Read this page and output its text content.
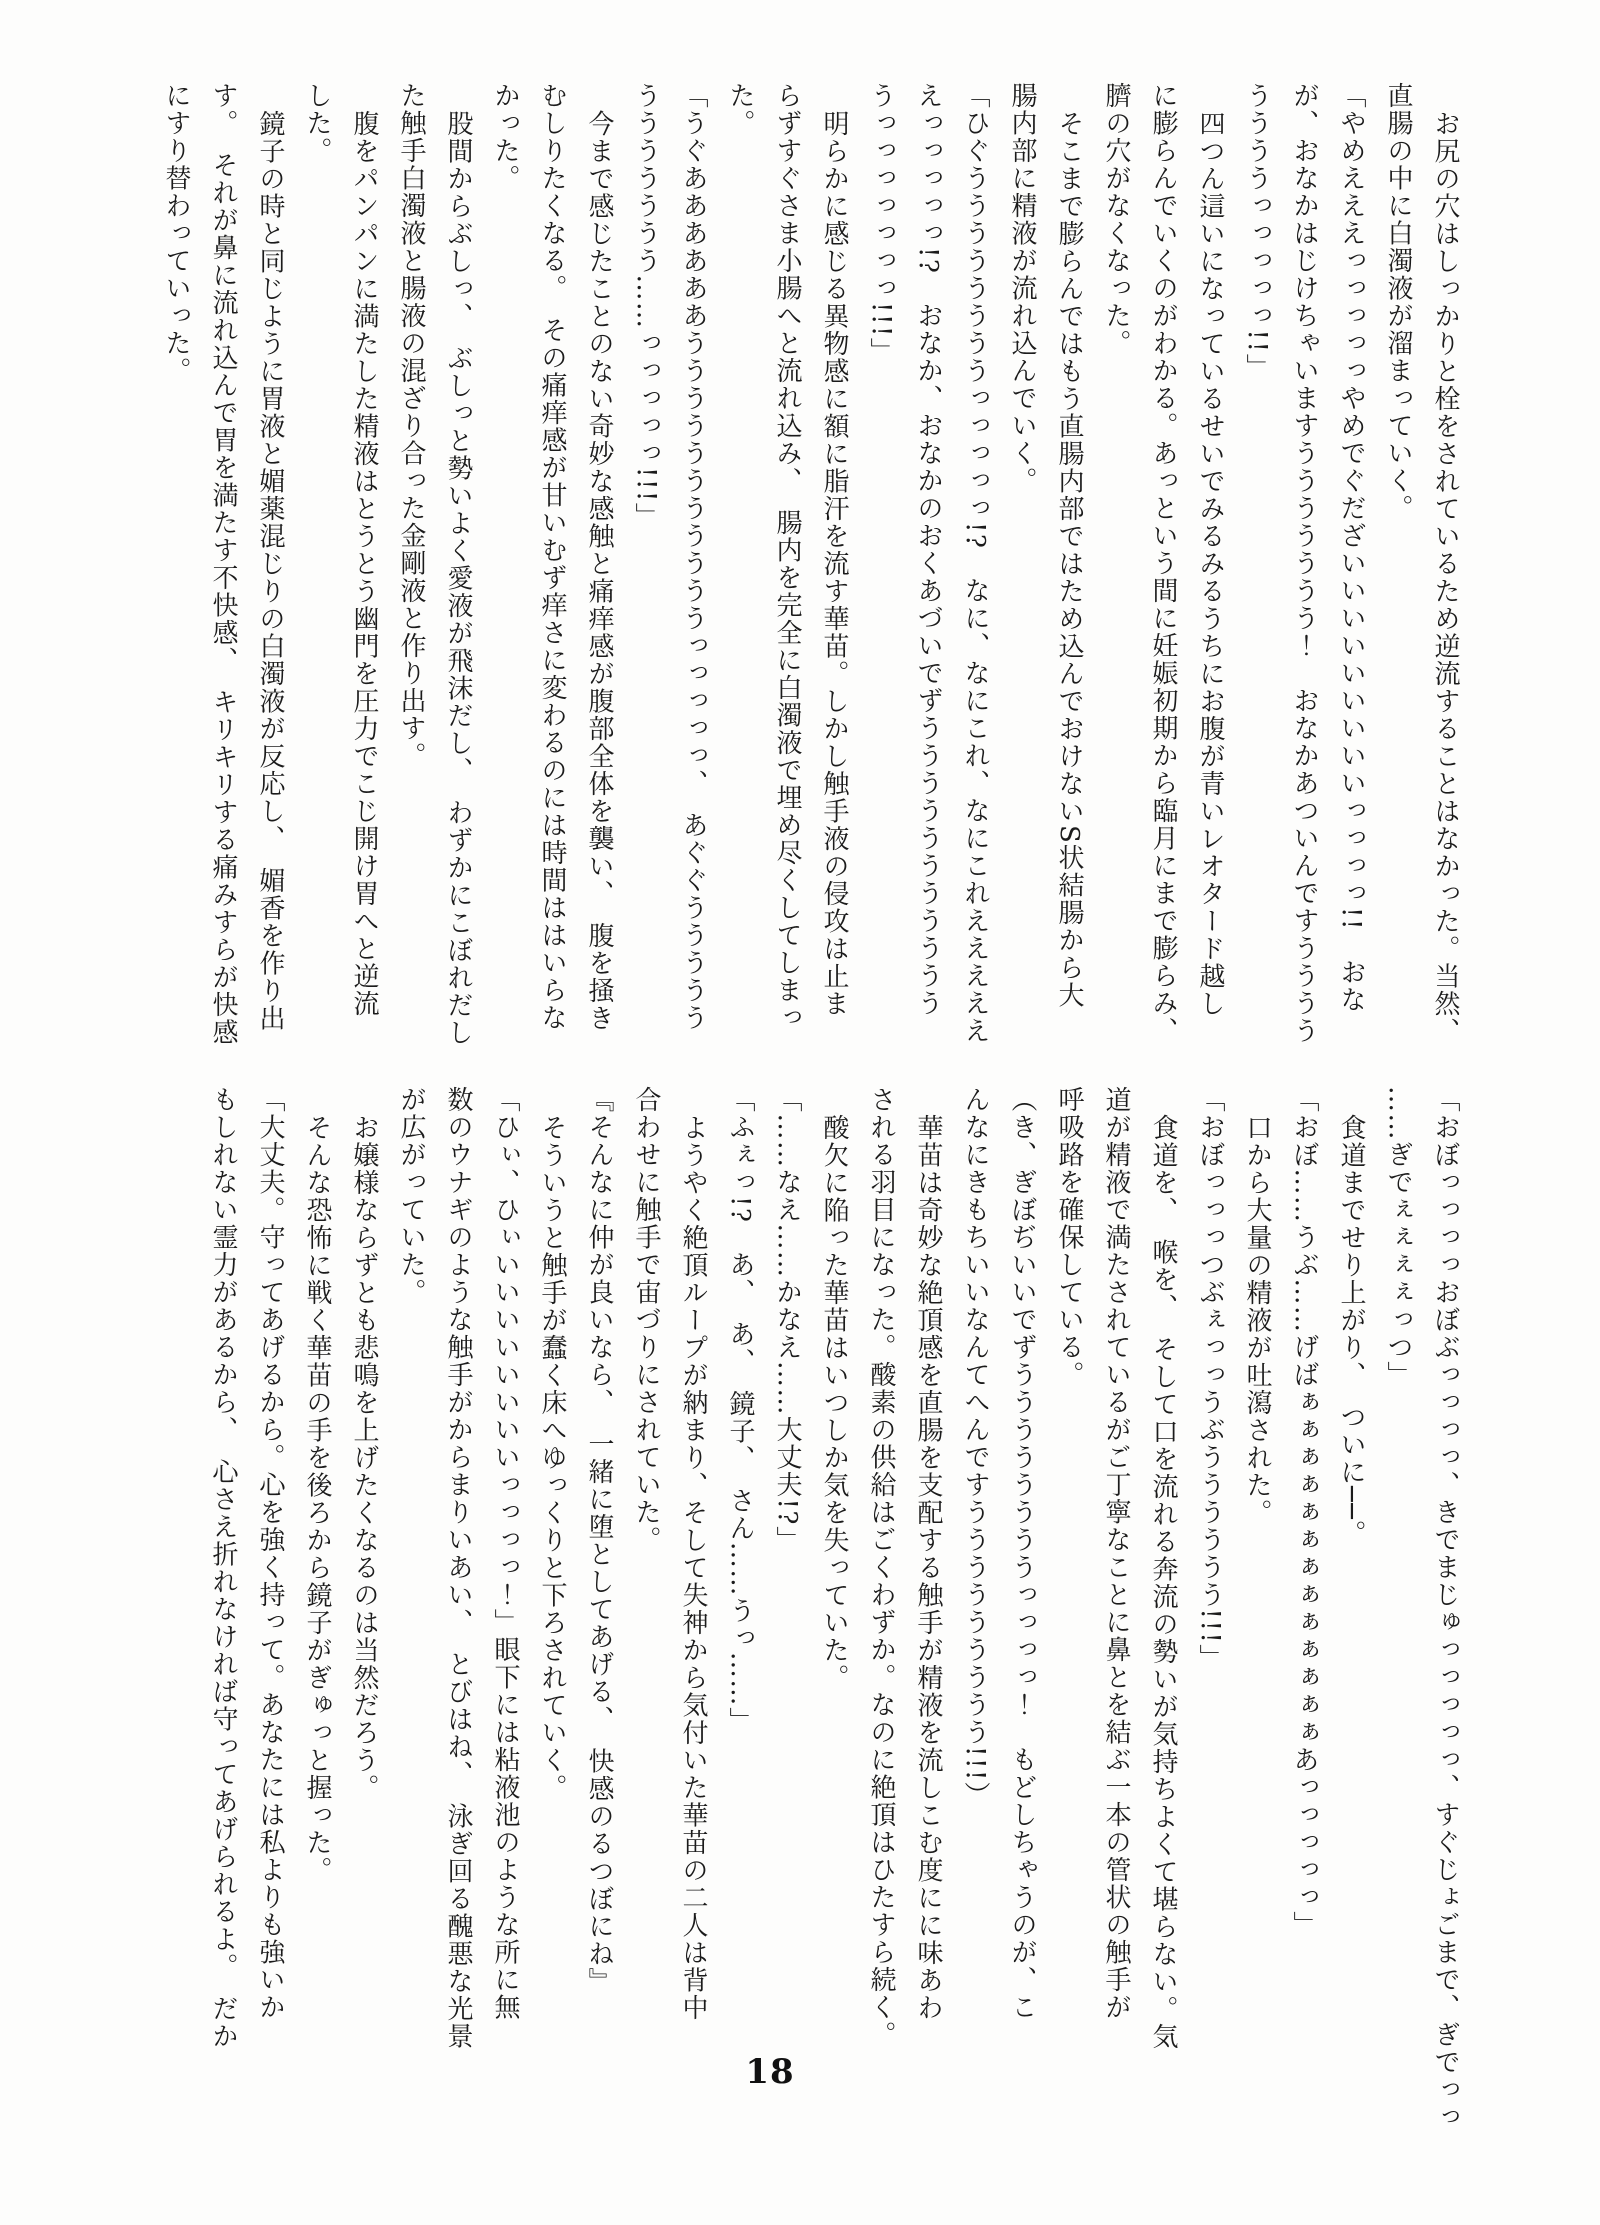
お尻の穴はしっかりと栓をされているため逆流することはなかった。当然、
直腸の中に白濁液が溜まっていく。
「やめえええっっっっっやめでぐだざいいいいいいいいいっっっっ!!　おな
が、おなかはじけちゃいますううううううう！　おなかあついんですうううう
ううううっっっっっ!!」
四つん這いになっているせいでみるみるうちにお腹が青いレオタード越し
に膨らんでいくのがわかる。あっという間に妊娠初期から臨月にまで膨らみ、
臍の穴がなくなった。
そこまで膨らんではもう直腸内部ではため込んでおけないS状結腸から大
腸内部に精液が流れ込んでいく。
「ひぐううううううううっっっっっ!?　なに、なにこれ、なにこれえええええ
えっっっっっ!?　おなか、おなかのおくあづいでずううううううううううう
うっっっっっっっ!!!」
明らかに感じる異物感に額に脂汗を流す華苗。しかし触手液の侵攻は止ま
らずすぐさま小腸へと流れ込み、　腸内を完全に白濁液で埋め尽くしてしまっ
た。
「うぐああああああうううううううううううっっっっっ、　あぐぐううううう
ううううううう……っっっっっ!!!」
今まで感じたことのない奇妙な感触と痛痒感が腹部全体を襲い、　腹を掻き
むしりたくなる。　その痛痒感が甘いむず痒さに変わるのには時間ははいらな
かった。
股間からぶしっ、　ぶしっと勢いよく愛液が飛沫だし、　わずかにこぼれだし
た触手白濁液と腸液の混ざり合った金剛液と作り出す。
腹をパンパンに満たした精液はとうとう幽門を圧力でこじ開け胃へと逆流
した。
鏡子の時と同じように胃液と媚薬混じりの白濁液が反応し、　媚香を作り出
す。　それが鼻に流れ込んで胃を満たす不快感、　キリキリする痛みすらが快感
にすり替わっていった。
「おぼっっっっおぼぶっっっっ、きでまじゅっっっっっ、すぐじょごまで、ぎでっっ
……ぎでぇぇぇぇっつ」
食道までせり上がり、　ついに──。
「おぼ……うぶ……げばぁぁぁぁぁぁぁぁぁぁぁぁぁあっっっっっ」
口から大量の精液が吐瀉された。
「おぼっっっつぶぇっっうぶうううううう!!!」
食道を、　喉を、　そして口を流れる奔流の勢いが気持ちよくて堪らない。気
道が精液で満たされているがご丁寧なことに鼻とを結ぶ一本の管状の触手が
呼吸路を確保している。
（き、ぎぼぢいいでずううううううううっっっっ！　もどしちゃうのが、こ
んなにきもちいいなんてへんですううううううううう!!!）
華苗は奇妙な絶頂感を直腸を支配する触手が精液を流しこむ度にに味あわ
される羽目になった。酸素の供給はごくわずか。なのに絶頂はひたすら続く。
酸欠に陥った華苗はいつしか気を失っていた。
「……なえ……かなえ……大丈夫!?」
「ふぇっ!?　あ、　あ、　鏡子、　さん……うっ……」
ようやく絶頂ループが納まり、そして失神から気付いた華苗の二人は背中
合わせに触手で宙づりにされていた。
『そんなに仲が良いなら、　一緒に堕としてあげる、　快感のるつぼにね』
そういうと触手が蠢く床へゆっくりと下ろされていく。
「ひぃ、ひぃいいいいいいいいっっっっ！」眼下には粘液池のような所に無
数のウナギのような触手がからまりいあい、　とびはね、　泳ぎ回る醜悪な光景
が広がっていた。
お嬢様ならずとも悲鳴を上げたくなるのは当然だろう。
そんな恐怖に戦く華苗の手を後ろから鏡子がぎゅっと握った。
「大丈夫。守ってあげるから。心を強く持って。あなたには私よりも強いか
もしれない霊力があるから、　心さえ折れなければ守ってあげられるよ。　だか
18
